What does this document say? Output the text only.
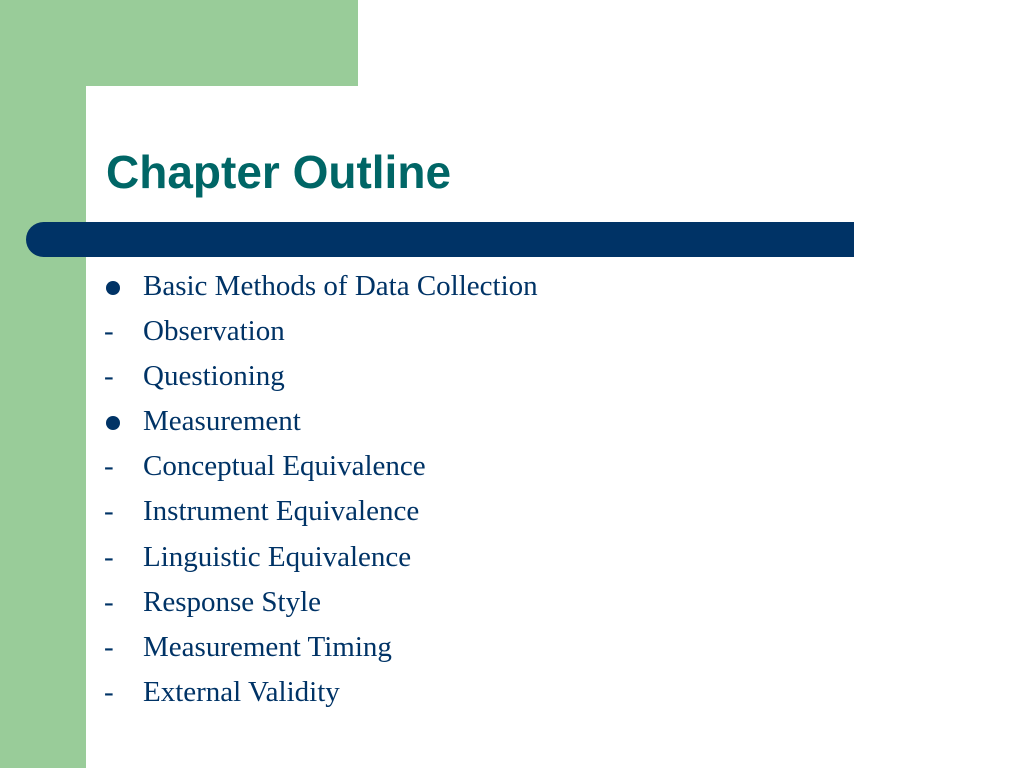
Chapter Outline
Basic Methods of Data Collection
-	Observation
-	Questioning
Measurement
-	Conceptual Equivalence
-	Instrument Equivalence
-	Linguistic Equivalence
-	Response Style
-	Measurement Timing
-	External Validity
